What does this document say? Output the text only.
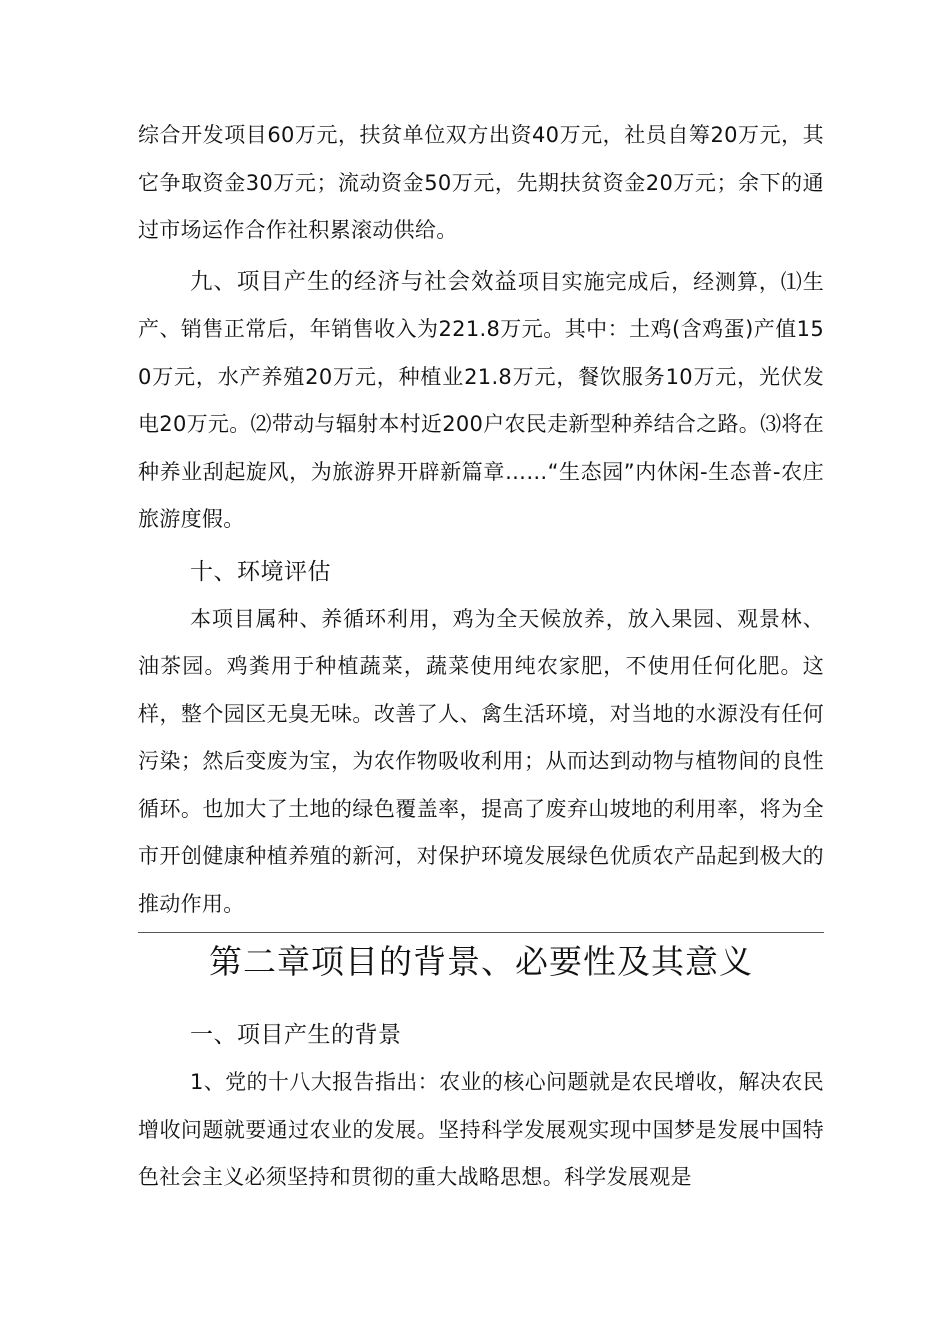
综合开发项目60万元，扶贫单位双方出资40万元，社员自筹20万元，其它争取资金30万元；流动资金50万元，先期扶贫资金20万元；余下的通过市场运作合作社积累滚动供给。

九、项目产生的经济与社会效益项目实施完成后，经测算，⑴生产、销售正常后，年销售收入为221.8万元。其中：土鸡(含鸡蛋)产值150万元，水产养殖20万元，种植业21.8万元，餐饮服务10万元，光伏发电20万元。⑵带动与辐射本村近200户农民走新型种养结合之路。⑶将在种养业刮起旋风，为旅游界开辟新篇章……“生态园”内休闲-生态普-农庄旅游度假。

十、环境评估

本项目属种、养循环利用，鸡为全天候放养，放入果园、观景林、油茶园。鸡粪用于种植蔬菜，蔬菜使用纯农家肥，不使用任何化肥。这样，整个园区无臭无味。改善了人、禽生活环境，对当地的水源没有任何污染；然后变废为宝，为农作物吸收利用；从而达到动物与植物间的良性循环。也加大了土地的绿色覆盖率，提高了废弃山坡地的利用率，将为全市开创健康种植养殖的新河，对保护环境发展绿色优质农产品起到极大的推动作用。

第二章项目的背景、必要性及其意义
一、项目产生的背景

1、党的十八大报告指出：农业的核心问题就是农民增收，解决农民增收问题就要通过农业的发展。坚持科学发展观实现中国梦是发展中国特色社会主义必须坚持和贯彻的重大战略思想。科学发展观是
